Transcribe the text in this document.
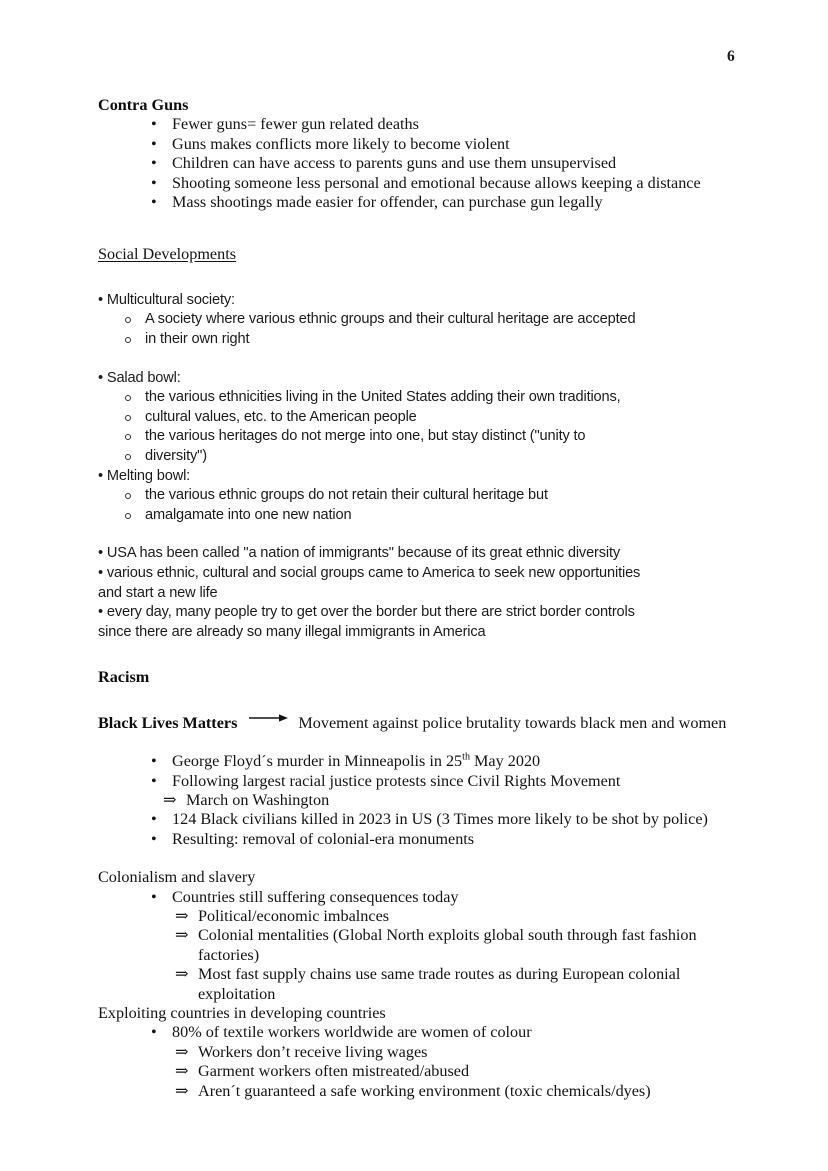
6
Contra Guns
• Fewer guns= fewer gun related deaths
• Guns makes conflicts more likely to become violent
• Children can have access to parents guns and use them unsupervised
• Shooting someone less personal and emotional because allows keeping a distance
• Mass shootings made easier for offender, can purchase gun legally
Social Developments
• Multicultural society:
A society where various ethnic groups and their cultural heritage are accepted
in their own right
• Salad bowl:
the various ethnicities living in the United States adding their own traditions,
cultural values, etc. to the American people
the various heritages do not merge into one, but stay distinct ("unity to
diversity")
• Melting bowl:
the various ethnic groups do not retain their cultural heritage but
amalgamate into one new nation
• USA has been called "a nation of immigrants" because of its great ethnic diversity
• various ethnic, cultural and social groups came to America to seek new opportunities
and start a new life
• every day, many people try to get over the border but there are strict border controls
since there are already so many illegal immigrants in America
Racism
Black Lives Matters	Movement against police brutality towards black men and women
• George Floyd´s murder in Minneapolis in 25th May 2020
• Following largest racial justice protests since Civil Rights Movement
⇒ March on Washington
• 124 Black civilians killed in 2023 in US (3 Times more likely to be shot by police)
• Resulting: removal of colonial-era monuments
Colonialism and slavery
• Countries still suffering consequences today
⇒ Political/economic imbalnces
⇒ Colonial mentalities (Global North exploits global south through fast fashion
factories)
⇒ Most fast supply chains use same trade routes as during European colonial
exploitation
Exploiting countries in developing countries
• 80% of textile workers worldwide are women of colour
⇒ Workers don’t receive living wages
⇒ Garment workers often mistreated/abused
⇒ Aren´t guaranteed a safe working environment (toxic chemicals/dyes)
